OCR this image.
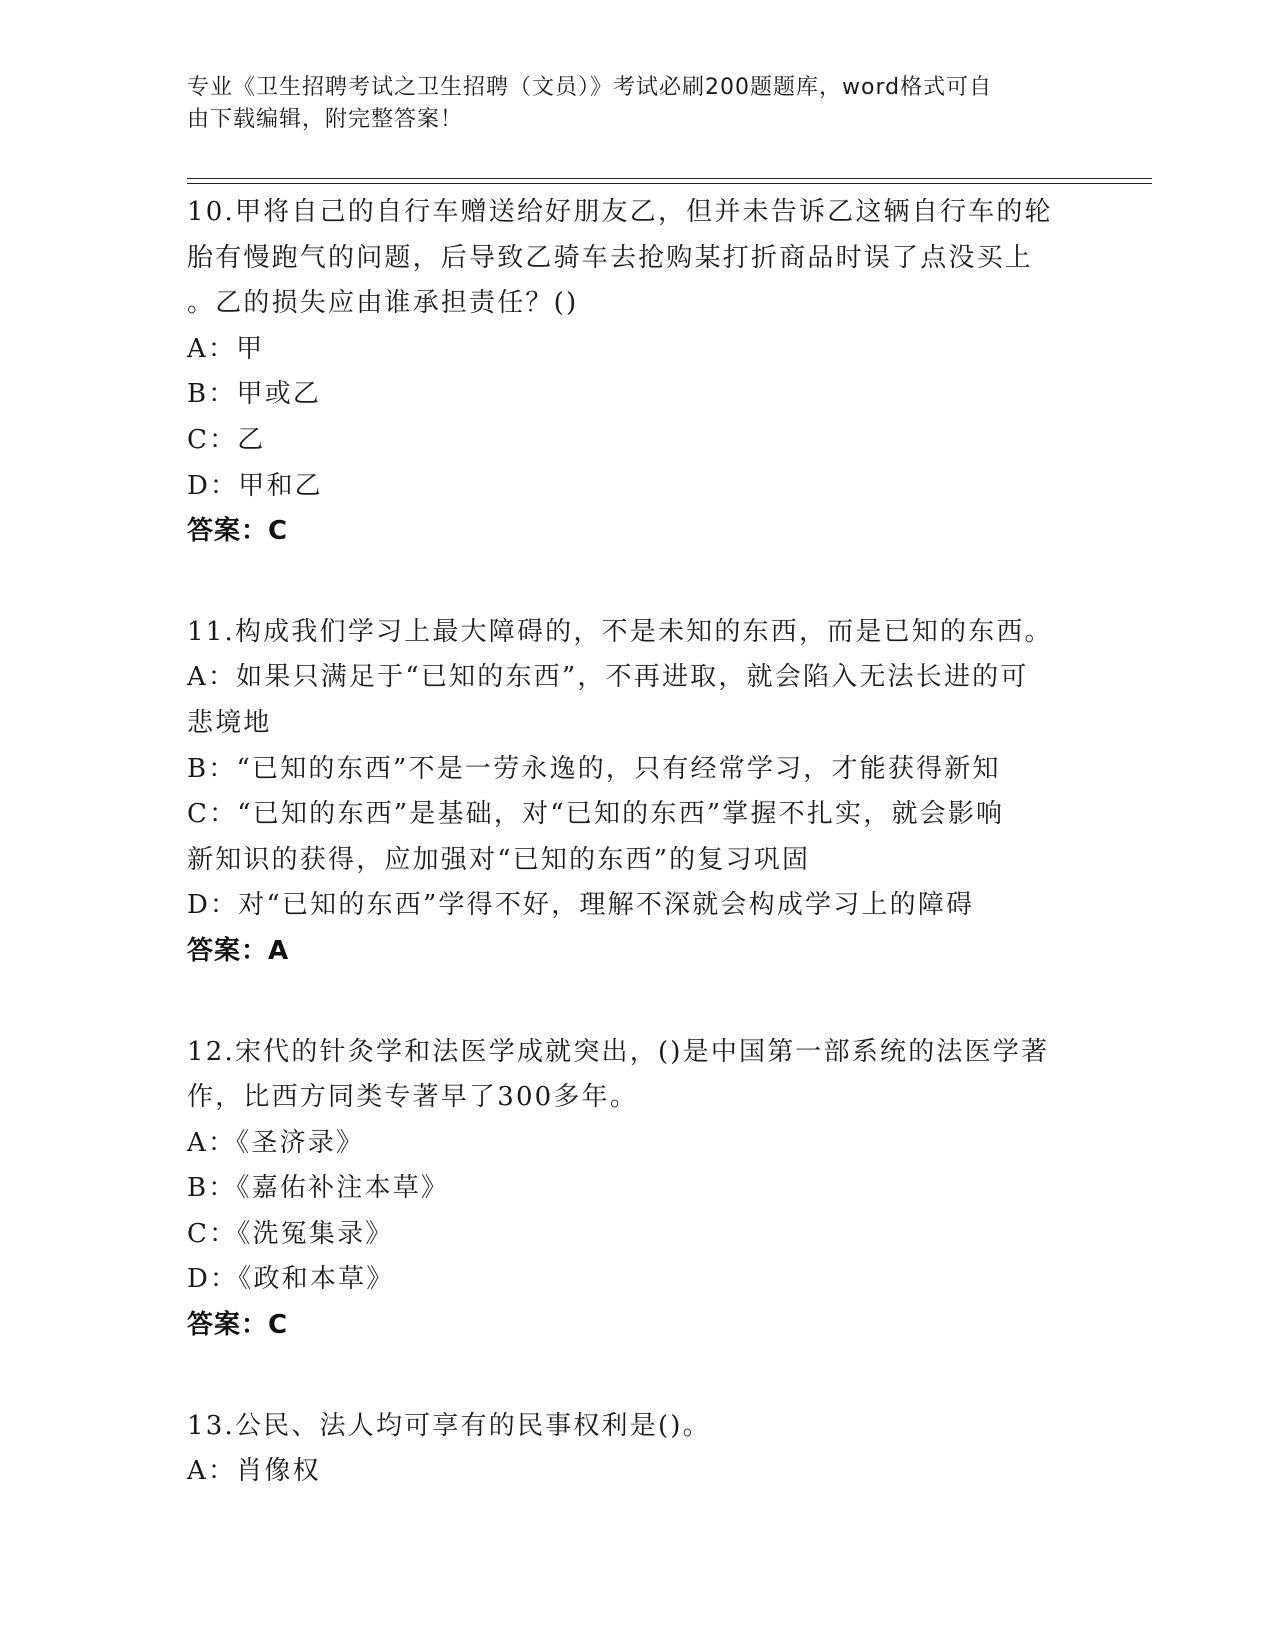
专业《卫生招聘考试之卫生招聘（文员）》考试必刷200题题库，word格式可自
由下载编辑，附完整答案！
10.甲将自己的自行车赠送给好朋友乙，但并未告诉乙这辆自行车的轮
胎有慢跑气的问题，后导致乙骑车去抢购某打折商品时误了点没买上
。乙的损失应由谁承担责任？()
A：甲
B：甲或乙
C：乙
D：甲和乙
答案：C
11.构成我们学习上最大障碍的，不是未知的东西，而是已知的东西。
A：如果只满足于“已知的东西”，不再进取，就会陷入无法长进的可
悲境地
B：“已知的东西”不是一劳永逸的，只有经常学习，才能获得新知
C：“已知的东西”是基础，对“已知的东西”掌握不扎实，就会影响
新知识的获得，应加强对“已知的东西”的复习巩固
D：对“已知的东西”学得不好，理解不深就会构成学习上的障碍
答案：A
12.宋代的针灸学和法医学成就突出，()是中国第一部系统的法医学著
作，比西方同类专著早了300多年。
A：《圣济录》
B：《嘉佑补注本草》
C：《洗冤集录》
D：《政和本草》
答案：C
13.公民、法人均可享有的民事权利是()。
A：肖像权
